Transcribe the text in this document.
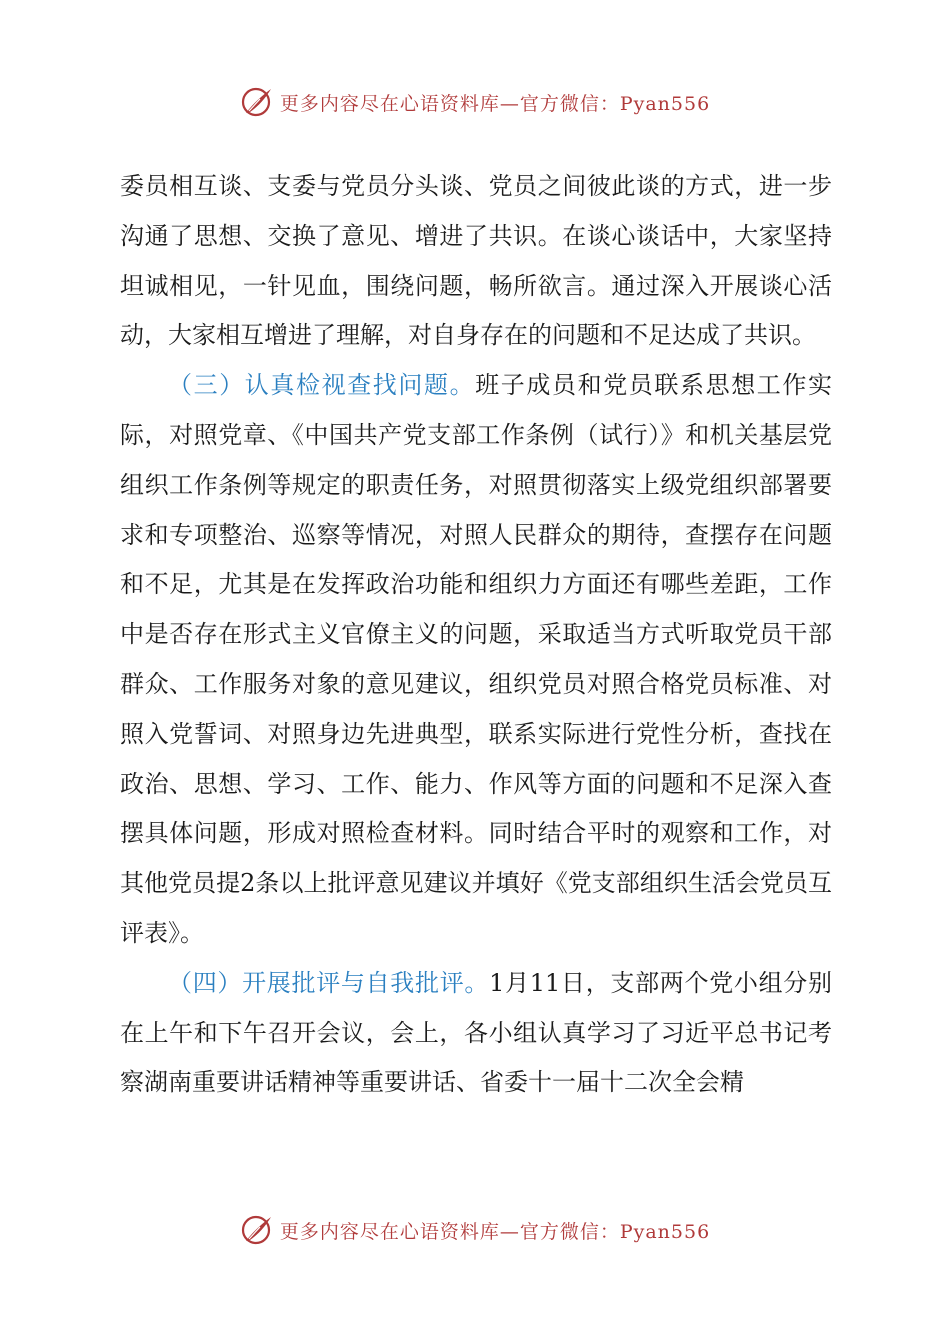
更多内容尽在心语资料库—官方微信：Pyan556

委员相互谈、支委与党员分头谈、党员之间彼此谈的方式，进一步沟通了思想、交换了意见、增进了共识。在谈心谈话中，大家坚持坦诚相见，一针见血，围绕问题，畅所欲言。通过深入开展谈心活动，大家相互增进了理解，对自身存在的问题和不足达成了共识。

（三）认真检视查找问题。班子成员和党员联系思想工作实际，对照党章、《中国共产党支部工作条例（试行）》和机关基层党组织工作条例等规定的职责任务，对照贯彻落实上级党组织部署要求和专项整治、巡察等情况，对照人民群众的期待，查摆存在问题和不足，尤其是在发挥政治功能和组织力方面还有哪些差距，工作中是否存在形式主义官僚主义的问题，采取适当方式听取党员干部群众、工作服务对象的意见建议，组织党员对照合格党员标准、对照入党誓词、对照身边先进典型，联系实际进行党性分析，查找在政治、思想、学习、工作、能力、作风等方面的问题和不足深入查摆具体问题，形成对照检查材料。同时结合平时的观察和工作，对其他党员提2条以上批评意见建议并填好《党支部组织生活会党员互评表》。

（四）开展批评与自我批评。1月11日，支部两个党小组分别在上午和下午召开会议，会上，各小组认真学习了习近平总书记考察湖南重要讲话精神等重要讲话、省委十一届十二次全会精

更多内容尽在心语资料库—官方微信：Pyan556
